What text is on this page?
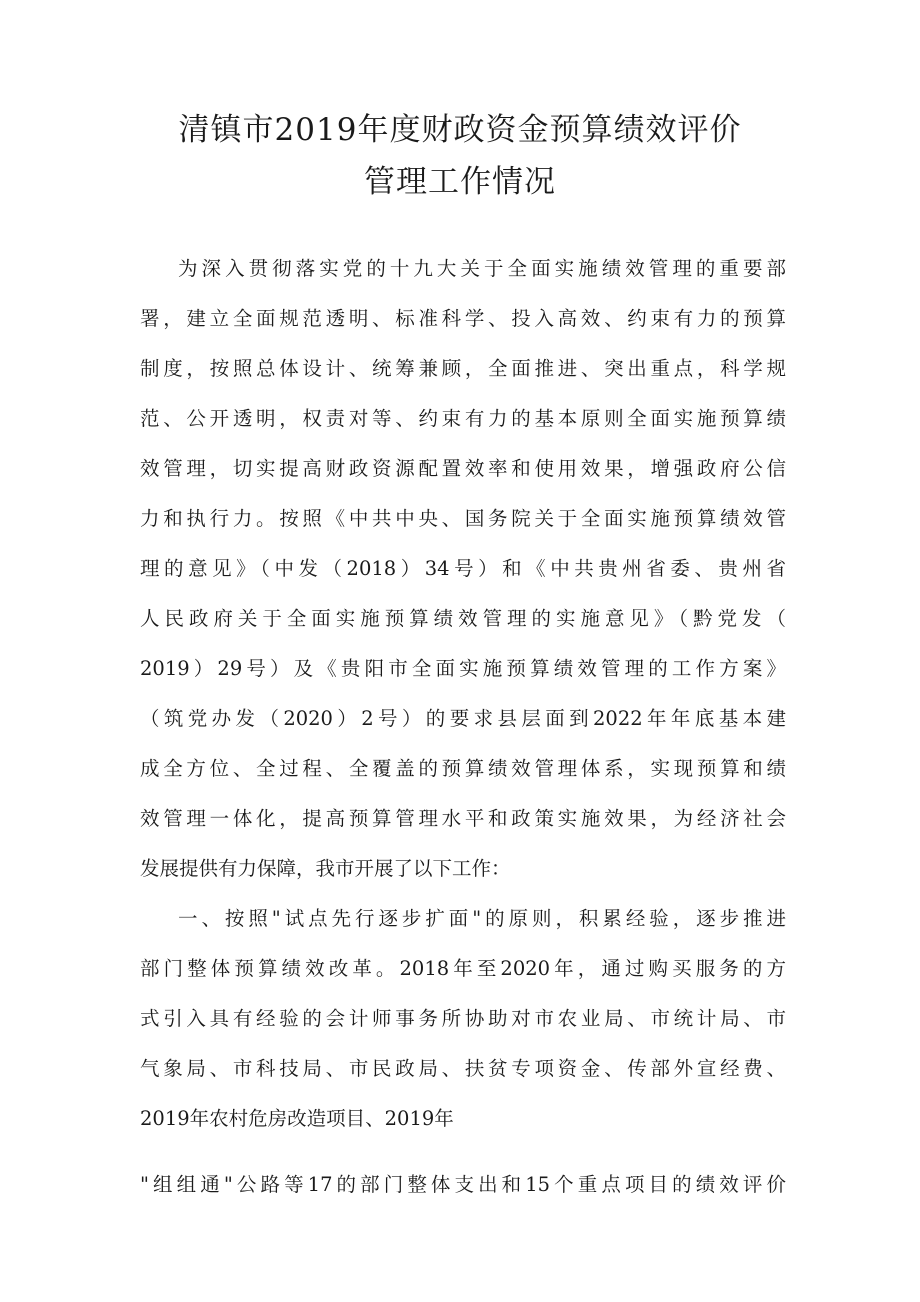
清镇市2019年度财政资金预算绩效评价
管理工作情况

为深入贯彻落实党的十九大关于全面实施绩效管理的重要部

署，建立全面规范透明、标准科学、投入高效、约束有力的预算

制度，按照总体设计、统筹兼顾，全面推进、突出重点，科学规

范、公开透明，权责对等、约束有力的基本原则全面实施预算绩

效管理，切实提高财政资源配置效率和使用效果，增强政府公信

力和执行力。按照《中共中央、国务院关于全面实施预算绩效管

理的意见》（中发（2018）34号）和《中共贵州省委、贵州省

人民政府关于全面实施预算绩效管理的实施意见》（黔党发（

2019）29号）及《贵阳市全面实施预算绩效管理的工作方案》

（筑党办发（2020）2号）的要求县层面到2022年年底基本建

成全方位、全过程、全覆盖的预算绩效管理体系，实现预算和绩

效管理一体化，提高预算管理水平和政策实施效果，为经济社会

发展提供有力保障，我市开展了以下工作：

一、按照"试点先行逐步扩面"的原则，积累经验，逐步推进

部门整体预算绩效改革。2018年至2020年，通过购买服务的方

式引入具有经验的会计师事务所协助对市农业局、市统计局、市

气象局、市科技局、市民政局、扶贫专项资金、传部外宣经费、

2019年农村危房改造项目、2019年

"组组通"公路等17的部门整体支出和15个重点项目的绩效评价
